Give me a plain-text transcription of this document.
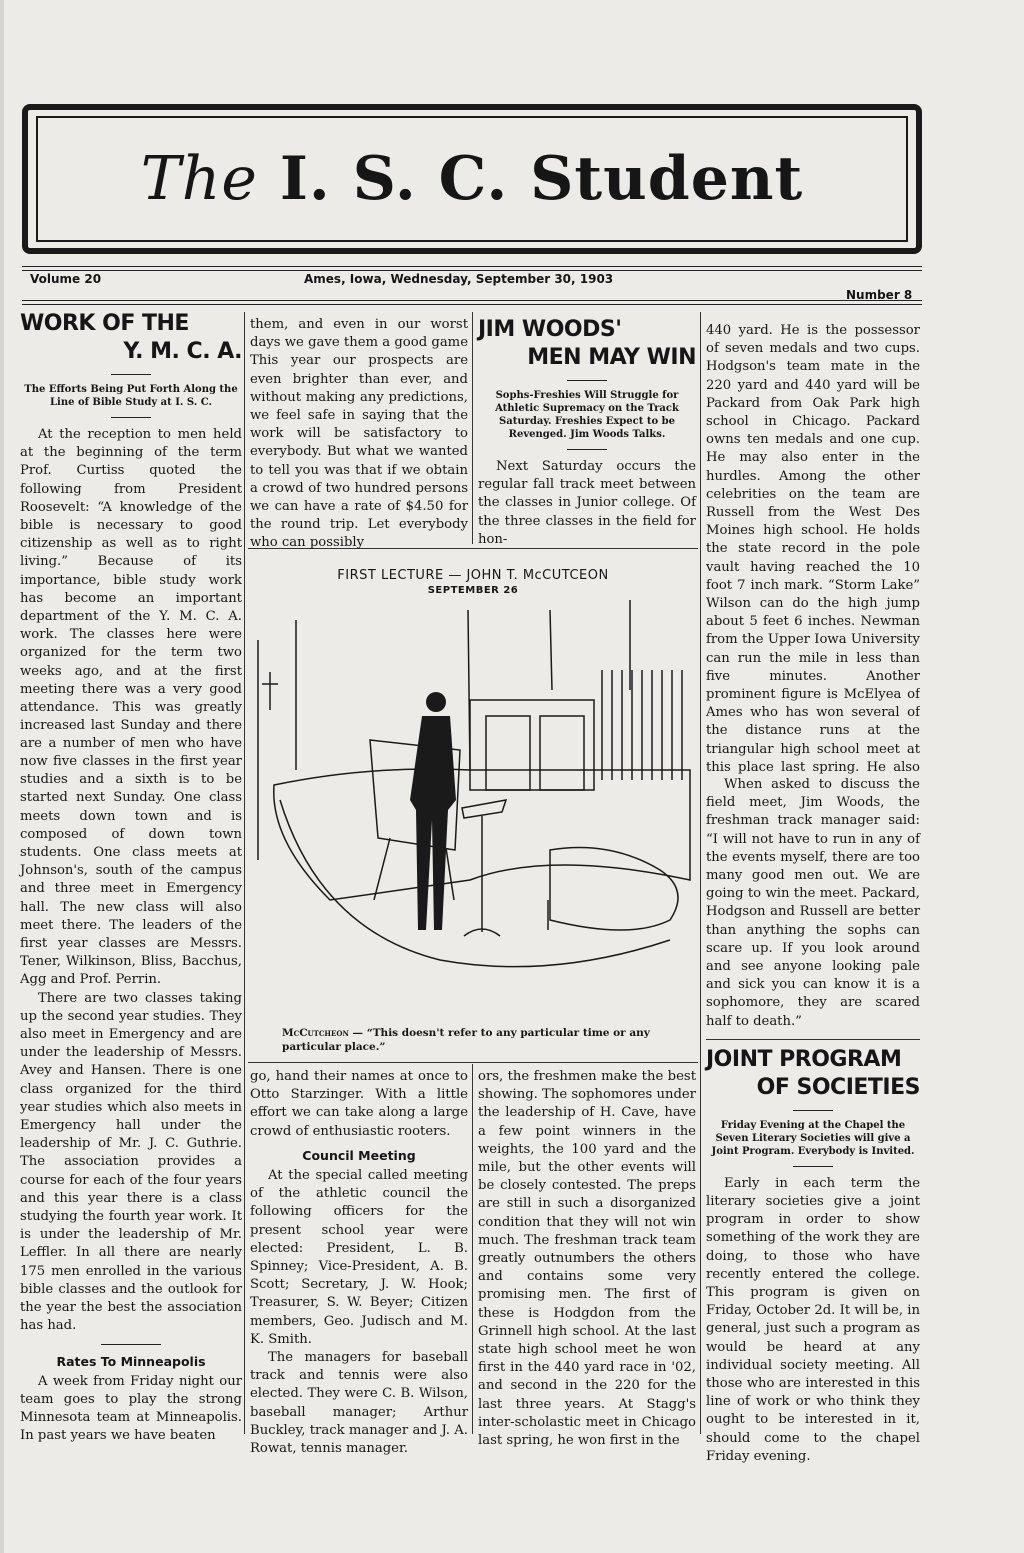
The I. S. C. Student
Volume 20	Ames, Iowa, Wednesday, September 30, 1903
Number 8
WORK OF THE
Y. M. C. A.
The Efforts Being Put Forth Along the Line of Bible Study at I. S. C.

At the reception to men held at the beginning of the term Prof. Curtiss quoted the following from President Roosevelt: “A knowledge of the bible is necessary to good citizenship as well as to right living.” Because of its importance, bible study work has become an important department of the Y. M. C. A. work. The classes here were organized for the term two weeks ago, and at the first meeting there was a very good attendance. This was greatly increased last Sunday and there are a number of men who have

now five classes in the first year studies and a sixth is to be started next Sunday. One class meets down town and is composed of down town students. One class meets at Johnson's, south of the campus and three meet in Emergency hall. The new class will also meet there. The leaders of the first year classes are Messrs. Tener, Wilkinson, Bliss, Bacchus, Agg and Prof. Perrin.

There are two classes taking up the second year studies. They also meet in Emergency and are under the leadership of Messrs. Avey and Hansen. There is one class organized for the third year studies which also meets in Emergency hall under the leadership of Mr. J. C. Guthrie. The association provides a course for each of the four years and this year there is a class studying the fourth year work. It is under the leadership of Mr. Leffler. In all there are nearly 175 men enrolled in the various bible classes and the outlook for the year the best the association has had.

Rates To Minneapolis

A week from Friday night our team goes to play the strong Minnesota team at Minneapolis. In past years we have beaten

them, and even in our worst days we gave them a good game This year our prospects are even brighter than ever, and without making any predictions, we feel safe in saying that the work will be satisfactory to everybody. But what we wanted to tell you was that if we obtain a crowd of two hundred persons we can have a rate of $4.50 for the round trip. Let everybody who can possibly

JIM WOODS'
MEN MAY WIN
Sophs-Freshies Will Struggle for Athletic Supremacy on the Track Saturday. Freshies Expect to be Revenged. Jim Woods Talks.

Next Saturday occurs the regular fall track meet between the classes in Junior college. Of the three classes in the field for hon-

FIRST LECTURE — JOHN T. McCUTCEON
SEPTEMBER 26
McCutcheon — “This doesn't refer to any particular time or any particular place.”

go, hand their names at once to Otto Starzinger. With a little effort we can take along a large crowd of enthusiastic rooters.

Council Meeting

At the special called meeting of the athletic council the following officers for the present school year were elected: President, L. B. Spinney; Vice-President, A. B. Scott; Secretary, J. W. Hook; Treasurer, S. W. Beyer; Citizen members, Geo. Judisch and M. K. Smith.

The managers for baseball track and tennis were also elected. They were C. B. Wilson, baseball manager; Arthur Buckley, track manager and J. A. Rowat, tennis manager.

ors, the freshmen make the best showing. The sophomores under the leadership of H. Cave, have a few point winners in the weights, the 100 yard and the mile, but the other events will be closely contested. The preps are still in such a disorganized condition that they will not win much. The freshman track team greatly outnumbers the others and contains some very promising men. The first of these is Hodgdon from the Grinnell high school. At the last state high school meet he won first in the 440 yard race in '02, and second in the 220 for the last three years. At Stagg's inter-scholastic meet in Chicago last spring, he won first in the

440 yard. He is the possessor of seven medals and two cups. Hodgson's team mate in the 220 yard and 440 yard will be Packard from Oak Park high school in Chicago. Packard owns ten medals and one cup. He may also enter in the hurdles. Among the other celebrities on the team are Russell from the West Des Moines high school. He holds the state record in the pole vault having reached the 10 foot 7 inch mark. “Storm Lake” Wilson can do the high jump about 5 feet 6 inches. Newman from the Upper Iowa University can run the mile in less than five minutes. Another prominent figure is McElyea of Ames who has won several of the distance runs at the triangular high school meet at this place last spring. He also

When asked to discuss the field meet, Jim Woods, the freshman track manager said: “I will not have to run in any of the events myself, there are too many good men out. We are going to win the meet. Packard, Hodgson and Russell are better than anything the sophs can scare up. If you look around and see anyone looking pale and sick you can know it is a sophomore, they are scared half to death.”

JOINT PROGRAM
OF SOCIETIES
Friday Evening at the Chapel the Seven Literary Societies will give a Joint Program. Everybody is Invited.

Early in each term the literary societies give a joint program in order to show something of the work they are doing, to those who have recently entered the college. This program is given on Friday, October 2d. It will be, in general, just such a program as would be heard at any individual society meeting. All those who are interested in this line of work or who think they ought to be interested in it, should come to the chapel Friday evening.
